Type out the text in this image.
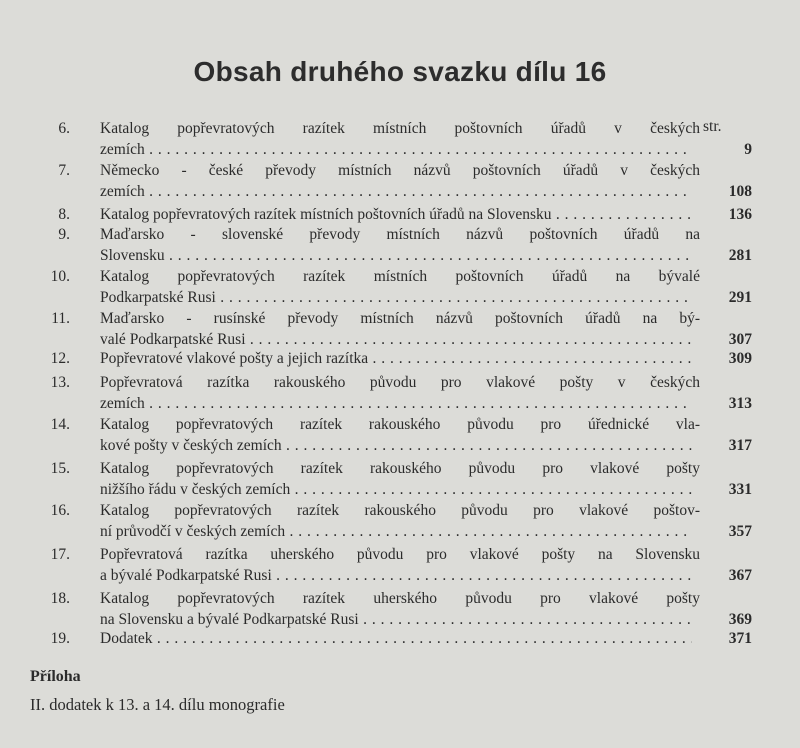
Obsah druhého svazku dílu 16
str.
6. Katalog popřevratových razítek místních poštovních úřadů v českých
zemích . . .	9
7. Německo - české převody místních názvů poštovních úřadů v českých
zemích . . .	108
8. Katalog popřevratových razítek místních poštovních úřadů na Slovensku . . .	136
9. Maďarsko - slovenské převody místních názvů poštovních úřadů na
Slovensku . . .	281
10. Katalog popřevratových razítek místních poštovních úřadů na bývalé
Podkarpatské Rusi . . .	291
11. Maďarsko - rusínské převody místních názvů poštovních úřadů na bý-
valé Podkarpatské Rusi . . .	307
12. Popřevratové vlakové pošty a jejich razítka . . .	309
13. Popřevratová razítka rakouského původu pro vlakové pošty v českých
zemích . . .	313
14. Katalog popřevratových razítek rakouského původu pro úřednické vla-
kové pošty v českých zemích . . .	317
15. Katalog popřevratových razítek rakouského původu pro vlakové pošty
nižšího řádu v českých zemích . . .	331
16. Katalog popřevratových razítek rakouského původu pro vlakové poštov-
ní průvodčí v českých zemích . . .	357
17. Popřevratová razítka uherského původu pro vlakové pošty na Slovensku
a bývalé Podkarpatské Rusi . . .	367
18. Katalog popřevratových razítek uherského původu pro vlakové pošty
na Slovensku a bývalé Podkarpatské Rusi . . .	369
19. Dodatek . . .	371
Příloha
II. dodatek k 13. a 14. dílu monografie
